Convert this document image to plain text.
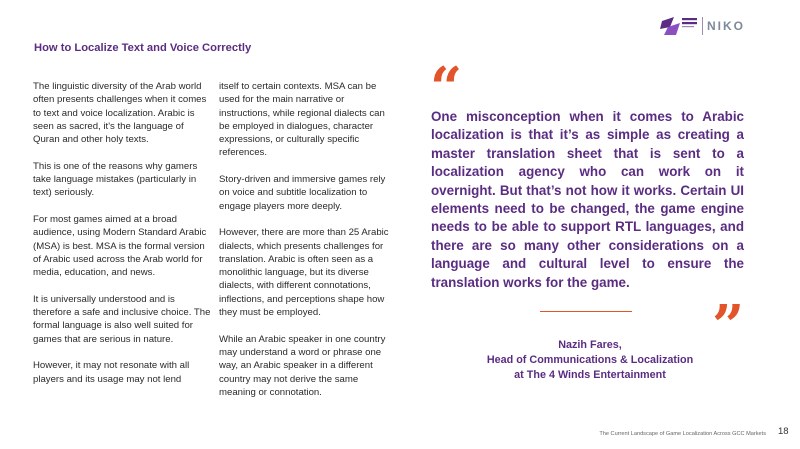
NIKO
How to Localize Text and Voice Correctly

The linguistic diversity of the Arab world often presents challenges when it comes to text and voice localization. Arabic is seen as sacred, it's the language of Quran and other holy texts.

This is one of the reasons why gamers take language mistakes (particularly in text) seriously.

For most games aimed at a broad audience, using Modern Standard Arabic (MSA) is best. MSA is the formal version of Arabic used across the Arab world for media, education, and news.

It is universally understood and is therefore a safe and inclusive choice. The formal language is also well suited for games that are serious in nature.

However, it may not resonate with all players and its usage may not lend

itself to certain contexts. MSA can be used for the main narrative or instructions, while regional dialects can be employed in dialogues, character expressions, or culturally specific references.

Story-driven and immersive games rely on voice and subtitle localization to engage players more deeply.

However, there are more than 25 Arabic dialects, which presents challenges for translation. Arabic is often seen as a monolithic language, but its diverse dialects, with different connotations, inflections, and perceptions shape how they must be employed.

While an Arabic speaker in one country may understand a word or phrase one way, an Arabic speaker in a different country may not derive the same meaning or connotation.

“
One misconception when it comes to Arabic localization is that it’s as simple as creating a master translation sheet that is sent to a localization agency who can work on it overnight. But that’s not how it works. Certain UI elements need to be changed, the game engine needs to be able to support RTL languages, and there are so many other considerations on a language and cultural level to ensure the translation works for the game.
”
Nazih Fares,
Head of Communications & Localization
at The 4 Winds Entertainment
The Current Landscape of Game Localization Across GCC Markets 18
